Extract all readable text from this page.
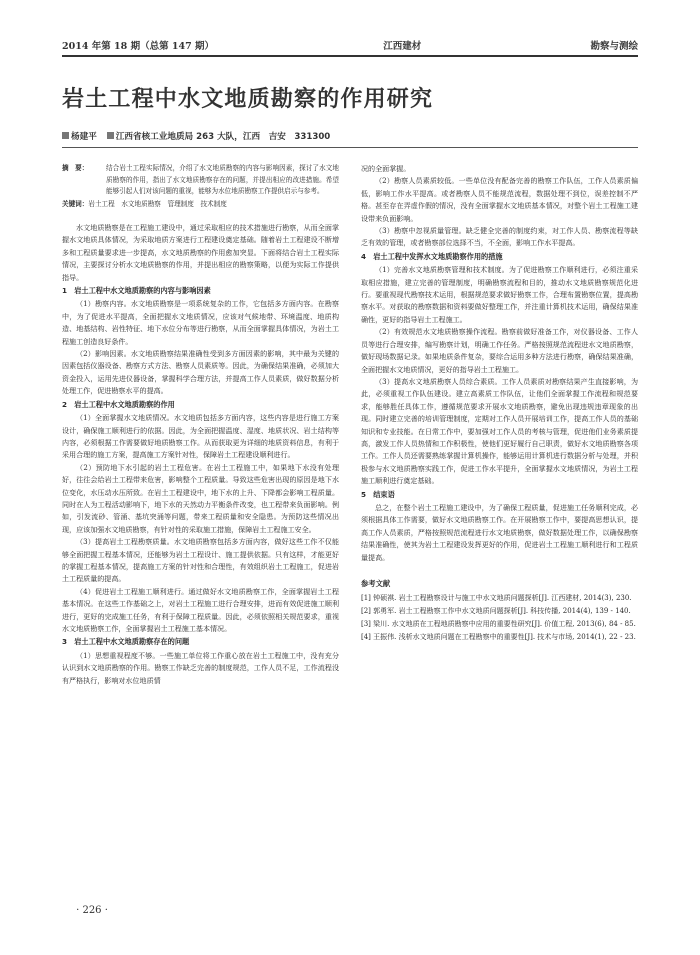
2014 年第 18 期（总第 147 期）	江西建材	勘察与测绘
岩土工程中水文地质勘察的作用研究
杨建平 江西省核工业地质局 263 大队，江西　吉安　331300
摘　要：	结合岩土工程实际情况，介绍了水文地质勘察的内容与影响因素，探讨了水文地质勘察的作用，指出了水文地质勘察存在的问题，并提出相应的改进措施。希望能够引起人们对该问题的重视，能够为水位地质勘察工作提供启示与参考。
关键词：岩土工程　水文地质勘察　管理制度　技术制度

水文地质勘察是在工程施工建设中，通过采取相应的技术措施进行勘察，从而全面掌握水文地质具体情况，为采取地质方案进行工程建设奠定基础。随着岩土工程建设不断增多和工程质量要求进一步提高，水文地质勘察的作用愈加突显。下面将结合岩土工程实际情况，主要探讨分析水文地质勘察的作用，并提出相应的勘察策略，以便为实际工作提供指导。

1　岩土工程中水文地质勘察的内容与影响因素

（1）勘察内容。水文地质勘察是一项系统复杂的工作，它包括多方面内容。在勘察中，为了促进水平提高，全面把握水文地质情况，应该对气候地带、环境温度、地质构造、地基结构、岩性特征、地下水位分布等进行勘察，从而全面掌握具体情况，为岩土工程施工创造良好条件。

（2）影响因素。水文地质勘察结果准确性受到多方面因素的影响，其中最为关键的因素包括仪器设备、勘察方式方法、勘察人员素质等。因此，为确保结果准确，必须加大资金投入，运用先进仪器设备，掌握科学合理方法，并提高工作人员素质，做好数据分析处理工作，促进勘察水平的提高。

2　岩土工程中水文地质勘察的作用

（1）全面掌握水文地质情况。水文地质包括多方面内容，这些内容是进行施工方案设计，确保施工顺利进行的依据。因此，为全面把握温度、湿度、地质状况、岩土结构等内容，必须根据工作需要做好地质勘察工作。从而获取更为详细的地质资料信息，有利于采用合理的施工方案，提高施工方案针对性，保障岩土工程建设顺利进行。

（2）预防地下水引起的岩土工程危害。在岩土工程施工中，如果地下水没有处理好，往往会给岩土工程带来危害，影响整个工程质量。导致这些危害出现的原因是地下水位变化，水压动水压所致。在岩土工程建设中，地下水的上升、下降都会影响工程质量。同时在人为工程活动影响下，地下水的天然动力平衡条件改变，也工程带来负面影响。例如，引发流砂、管涌、基坑突涌等问题，带来工程质量和安全隐患。为预防这些情况出现，应该加强水文地质勘察，有针对性的采取施工措施，保障岩土工程施工安全。

（3）提高岩土工程勘察质量。水文地质勘察包括多方面内容，做好这些工作不仅能够全面把握工程基本情况，还能够为岩土工程设计、施工提供依据。只有这样，才能更好的掌握工程基本情况，提高施工方案的针对性和合理性，有效组织岩土工程施工，促进岩土工程质量的提高。

（4）促进岩土工程施工顺利进行。通过做好水文地质勘察工作，全面掌握岩土工程基本情况。在这些工作基础之上，对岩土工程施工进行合理安排，进而有效促进施工顺利进行，更好的完成施工任务，有利于保障工程质量。因此，必须依照相关规范要求，重视水文地质勘察工作，全面掌握岩土工程施工基本情况。

3　岩土工程中水文地质勘察存在的问题

（1）思想重视程度不够。一些施工单位将工作重心放在岩土工程施工中，没有充分认识到水文地质勘察的作用。勘察工作缺乏完善的制度规范，工作人员不足，工作流程没有严格执行，影响对水位地质情

况的全面掌握。

（2）勘察人员素质较低。一些单位没有配备完善的勘察工作队伍，工作人员素质偏低，影响工作水平提高。或者勘察人员不能规范流程，数据处理不到位，误差控制不严格。甚至存在弄虚作假的情况，没有全面掌握水文地质基本情况，对整个岩土工程施工建设带来负面影响。

（3）勘察中忽视质量管理。缺乏健全完善的制度约束，对工作人员、勘察流程等缺乏有效的管理，或者勘察部位选择不当，不全面，影响工作水平提高。

4　岩土工程中发挥水文地质勘察作用的措施

（1）完善水文地质勘察管理和技术制度。为了促进勘察工作顺利进行，必须注重采取相应措施，建立完善的管理制度，明确勘察流程和目的，推动水文地质勘察规范化进行。要重视现代勘察技术运用，根据规范要求做好勘察工作，合理布置勘察位置，提高勘察水平。对获取的勘察数据和资料要做好整理工作，并注重计算机技术运用，确保结果准确性，更好的指导岩土工程施工。

（2）有效规范水文地质勘察操作流程。勘察前做好准备工作，对仪器设备、工作人员等进行合理安排，编写勘察计划，明确工作任务。严格按照规范流程进水文地质勘察，做好现场数据记录。如果地质条件复杂，要综合运用多种方法进行勘察，确保结果准确，全面把握水文地质情况，更好的指导岩土工程施工。

（3）提高水文地质勘察人员综合素质。工作人员素质对勘察结果产生直接影响，为此，必须重视工作队伍建设。建立高素质工作队伍，让他们全面掌握工作流程和规范要求，能够胜任具体工作，遵循规范要求开展水文地质勘察，避免出现违规违章现象的出现。同时建立完善的培训管理制度，定期对工作人员开展培训工作，提高工作人员的基础知识和专业技能。在日常工作中，要加强对工作人员的考核与管理，促进他们业务素质提高，激发工作人员热情和工作积极性，使他们更好履行自己职责，做好水文地质勘察各项工作。工作人员还需要熟练掌握计算机操作，能够运用计算机进行数据分析与处理，并积极参与水文地质勘察实践工作，促进工作水平提升，全面掌握水文地质情况，为岩土工程施工顺利进行奠定基础。

5　结束语

总之，在整个岩土工程施工建设中，为了确保工程质量，促进施工任务顺利完成，必须根据具体工作需要，做好水文地质勘察工作。在开展勘察工作中，要提高思想认识，提高工作人员素质，严格按照规范流程进行水文地质勘察，做好数据处理工作，以确保勘察结果准确性，使其为岩土工程建设发挥更好的作用，促进岩土工程施工顺利进行和工程质量提高。

参考文献
[1] 钟硕祺. 岩土工程勘察设计与施工中水文地质问题探析[J]. 江西建材, 2014(3), 230.
[2] 郭勇军. 岩土工程勘察工作中水文地质问题探析[J]. 科技传播, 2014(4), 139 - 140.
[3] 梁川. 水文地质在工程地质勘察中应用的重要性研究[J]. 价值工程, 2013(6), 84 - 85.
[4] 王振伟. 浅析水文地质问题在工程勘察中的重要性[J]. 技术与市场, 2014(1), 22 - 23.
· 226 ·
